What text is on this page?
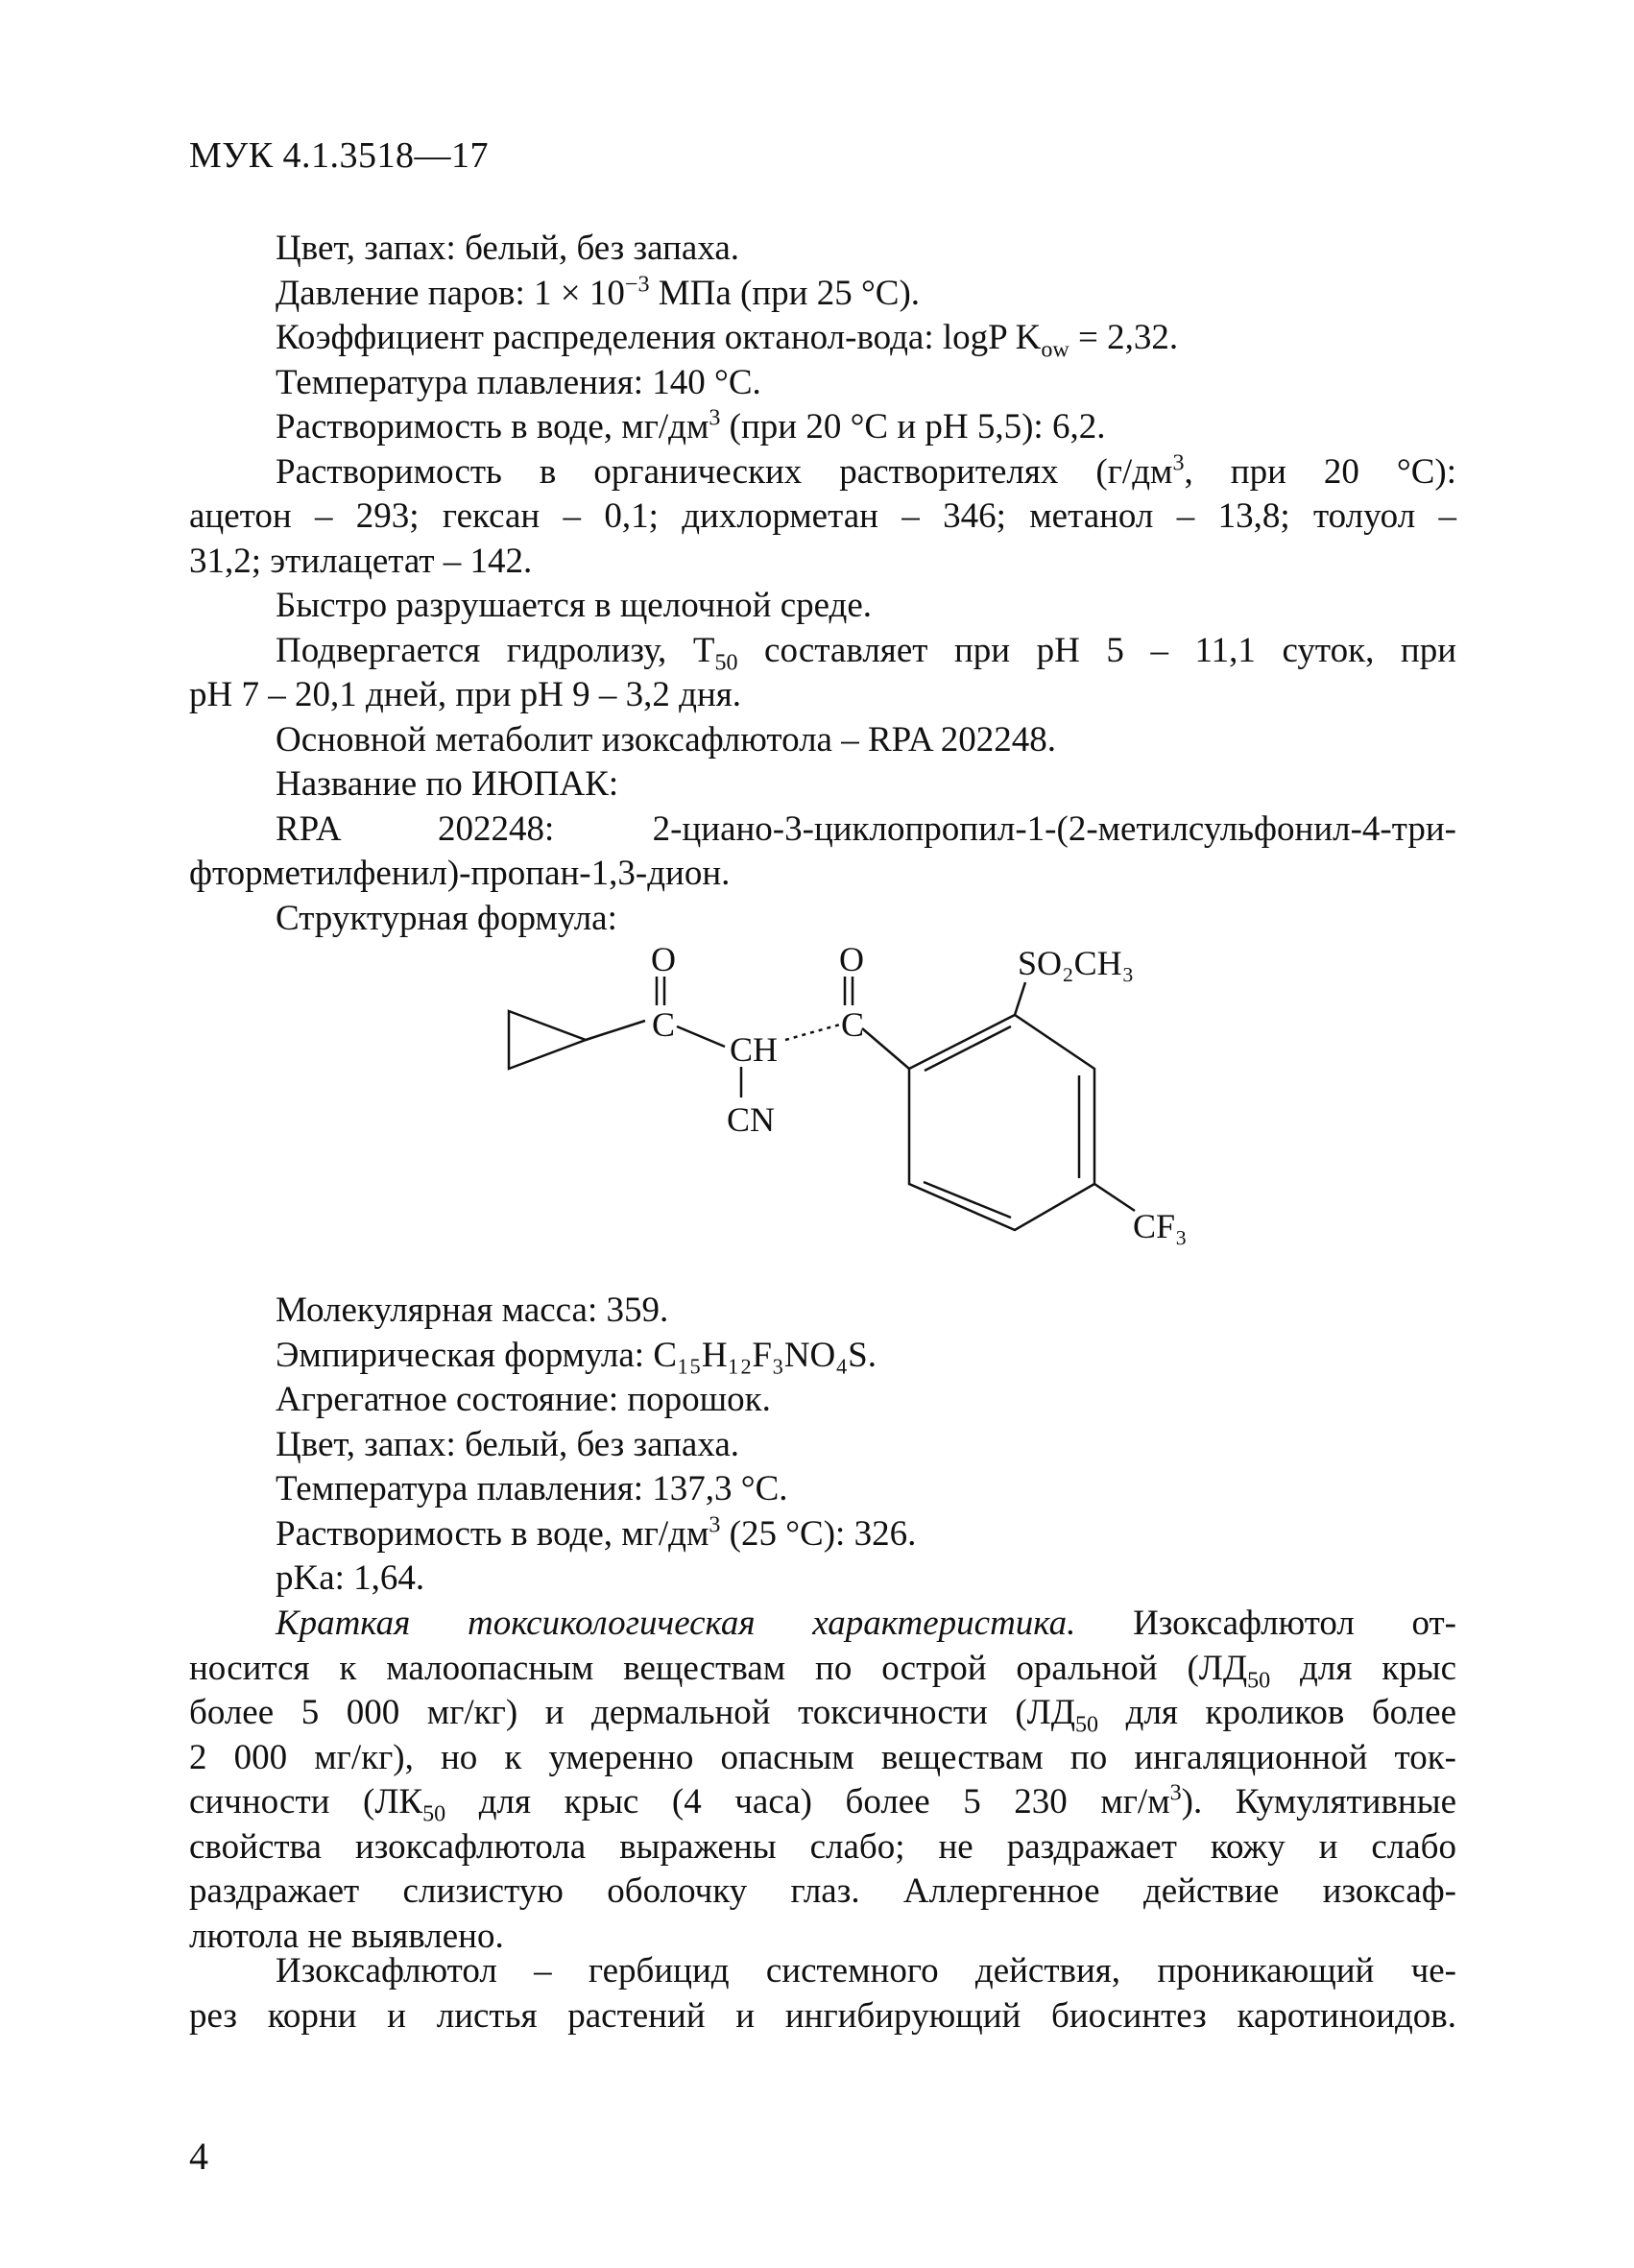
МУК 4.1.3518—17
Цвет, запах: белый, без запаха.
Давление паров: $1 \times 10^{-3}$ МПа (при 25 °С).
Коэффициент распределения октанол-вода: logP $K_{ow} = 2,32$.
Температура плавления: 140 °С.
Растворимость в воде, $мг/дм^3$ (при 20 °С и pH 5,5): 6,2.
Растворимость в органических растворителях ($г/дм^3$, при 20 °С):
ацетон – 293; гексан – 0,1; дихлорметан – 346; метанол – 13,8; толуол –
31,2; этилацетат – 142.
Быстро разрушается в щелочной среде.
Подвергается гидролизу, $T_{50}$ составляет при pH 5 – 11,1 суток, при
pH 7 – 20,1 дней, при pH 9 – 3,2 дня.
Основной метаболит изоксафлютола – RPA 202248.
Название по ИЮПАК:
RPA 202248: 2-циано-3-циклопропил-1-(2-метилсульфонил-4-три-
фторметилфенил)-пропан-1,3-дион.
Структурная формула:
O
C
CH
CN
O
C
SO₂CH₃
CF₃
Молекулярная масса: 359.
Эмпирическая формула: C₁₅H₁₂F₃NO₄S.
Агрегатное состояние: порошок.
Цвет, запах: белый, без запаха.
Температура плавления: 137,3 °С.
Растворимость в воде, $мг/дм^3$ (25 °С): 326.
pKa: 1,64.
Краткая токсикологическая характеристика. Изоксафлютол от-
носится к малоопасным веществам по острой оральной ($ЛД_{50}$ для крыс
более 5 000 мг/кг) и дермальной токсичности ($ЛД_{50}$ для кроликов более
2 000 мг/кг), но к умеренно опасным веществам по ингаляционной ток-
сичности ($ЛК_{50}$ для крыс (4 часа) более 5 230 $мг/м^3$). Кумулятивные
свойства изоксафлютола выражены слабо; не раздражает кожу и слабо
раздражает слизистую оболочку глаз. Аллергенное действие изоксаф-
лютола не выявлено.
Изоксафлютол – гербицид системного действия, проникающий че-
рез корни и листья растений и ингибирующий биосинтез каротиноидов.
4
